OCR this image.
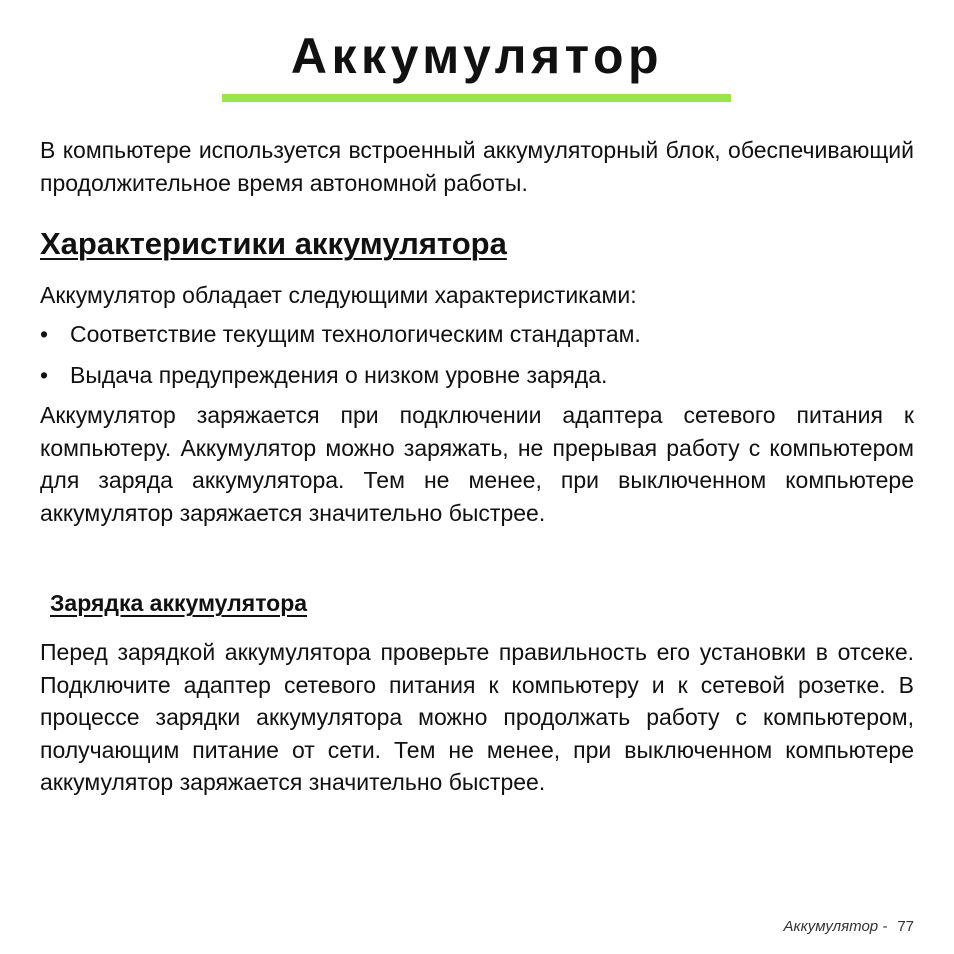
Аккумулятор

В компьютере используется встроенный аккумуляторный блок, обеспечивающий продолжительное время автономной работы.

Характеристики аккумулятора

Аккумулятор обладает следующими характеристиками:

• Соответствие текущим технологическим стандартам.
• Выдача предупреждения о низком уровне заряда.

Аккумулятор заряжается при подключении адаптера сетевого питания к компьютеру. Аккумулятор можно заряжать, не прерывая работу с компьютером для заряда аккумулятора. Тем не менее, при выключенном компьютере аккумулятор заряжается значительно быстрее.

Зарядка аккумулятора

Перед зарядкой аккумулятора проверьте правильность его установки в отсеке. Подключите адаптер сетевого питания к компьютеру и к сетевой розетке. В процессе зарядки аккумулятора можно продолжать работу с компьютером, получающим питание от сети. Тем не менее, при выключенном компьютере аккумулятор заряжается значительно быстрее.

Аккумулятор - 77
